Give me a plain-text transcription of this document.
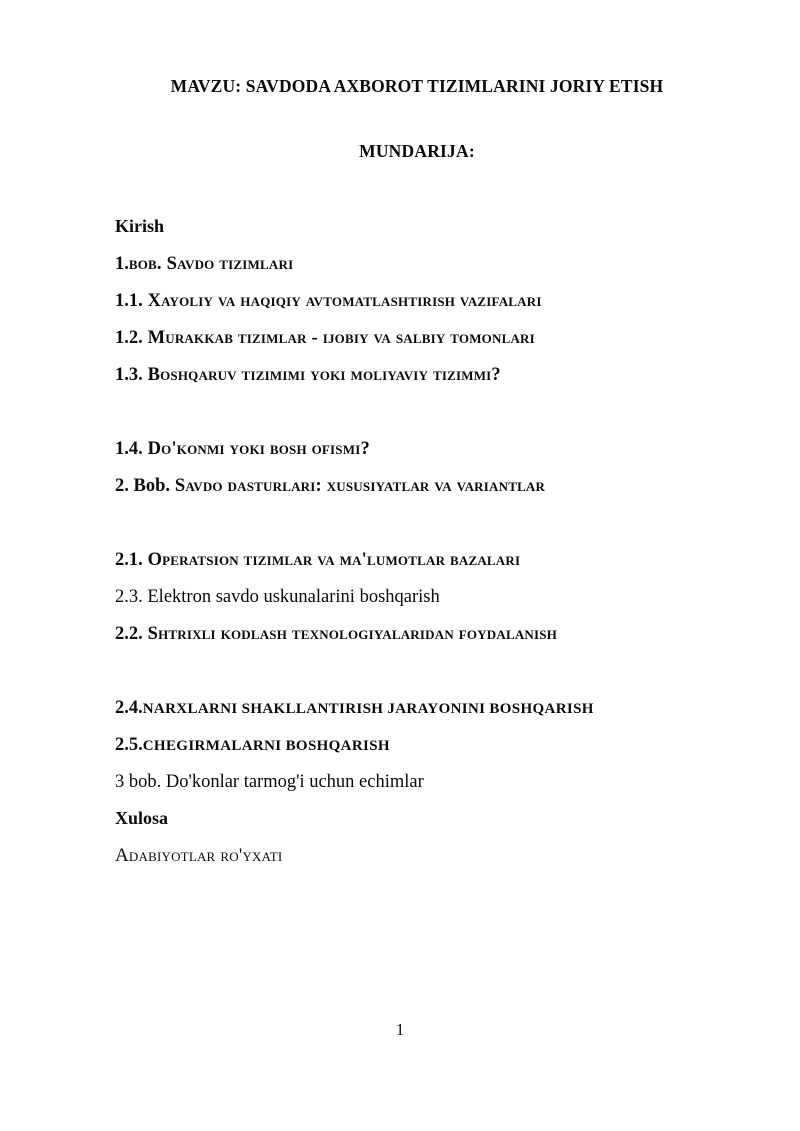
MAVZU: SAVDODA AXBOROT TIZIMLARINI JORIY ETISH
MUNDARIJA:
Kirish
1.bob. Savdo tizimlari
1.1. Xayoliy va haqiqiy avtomatlashtirish vazifalari
1.2. Murakkab tizimlar - ijobiy va salbiy tomonlari
1.3. Boshqaruv tizimimi yoki moliyaviy tizimmi?
1.4. Do'konmi yoki bosh ofismi?
2. Bob. Savdo dasturlari: xususiyatlar va variantlar
2.1. Operatsion tizimlar va ma'lumotlar bazalari
2.3. Elektron savdo uskunalarini boshqarish
2.2. Shtrixli kodlash texnologiyalaridan foydalanish
2.4.NARXLARNI SHAKLLANTIRISH JARAYONINI BOSHQARISH
2.5.CHEGIRMALARNI BOSHQARISH
3 bob. Do'konlar tarmog'i uchun echimlar
Xulosa
Adabiyotlar ro'yxati
1
